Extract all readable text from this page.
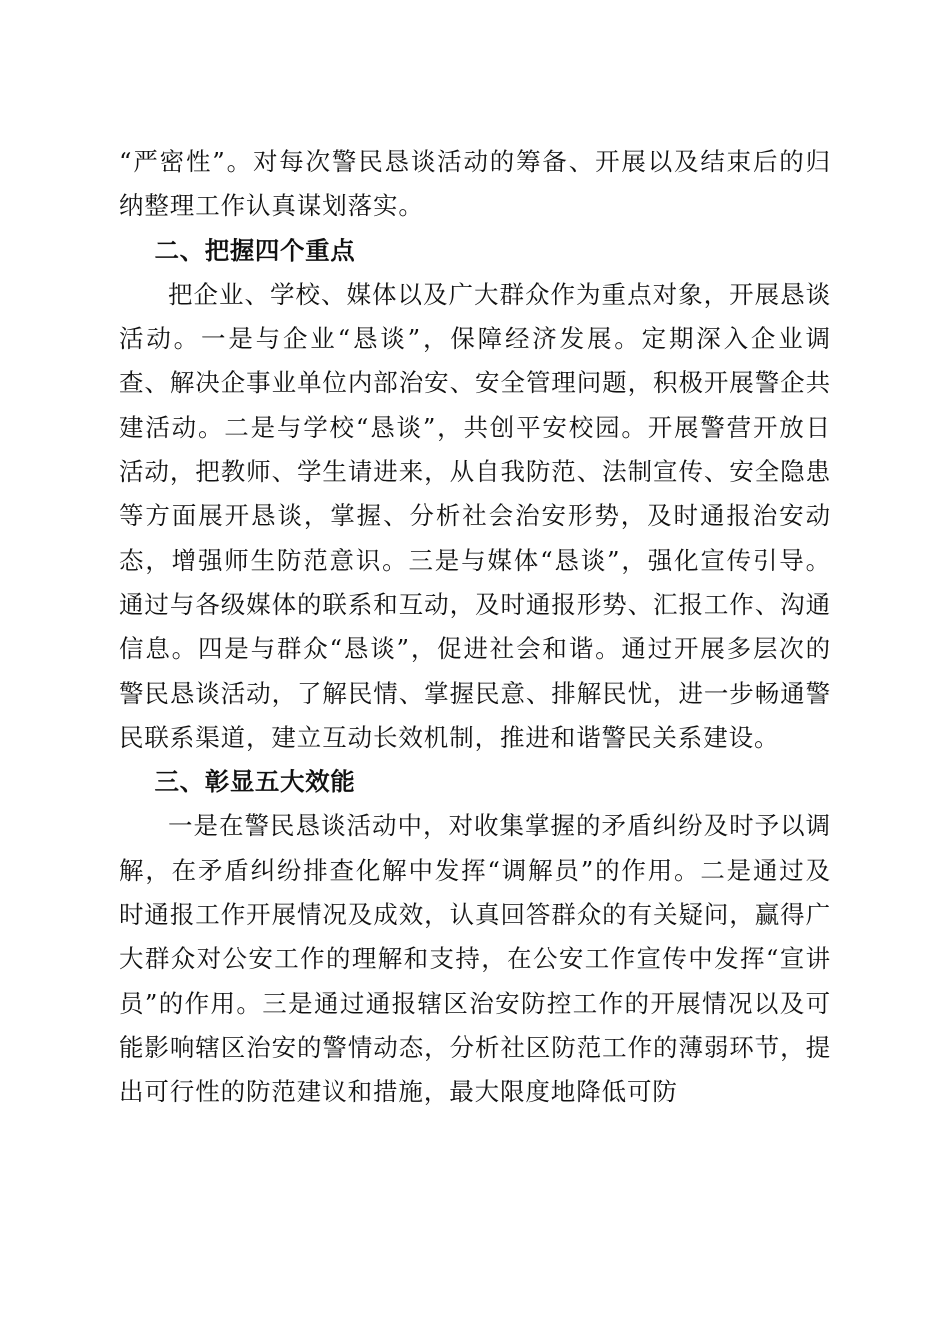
“严密性”。对每次警民恳谈活动的筹备、开展以及结束后的归纳整理工作认真谋划落实。

二、把握四个重点

把企业、学校、媒体以及广大群众作为重点对象，开展恳谈活动。一是与企业“恳谈”，保障经济发展。定期深入企业调查、解决企事业单位内部治安、安全管理问题，积极开展警企共建活动。二是与学校“恳谈”，共创平安校园。开展警营开放日活动，把教师、学生请进来，从自我防范、法制宣传、安全隐患等方面展开恳谈，掌握、分析社会治安形势，及时通报治安动态，增强师生防范意识。三是与媒体“恳谈”，强化宣传引导。通过与各级媒体的联系和互动，及时通报形势、汇报工作、沟通信息。四是与群众“恳谈”，促进社会和谐。通过开展多层次的警民恳谈活动，了解民情、掌握民意、排解民忧，进一步畅通警民联系渠道，建立互动长效机制，推进和谐警民关系建设。

三、彰显五大效能

一是在警民恳谈活动中，对收集掌握的矛盾纠纷及时予以调解，在矛盾纠纷排查化解中发挥“调解员”的作用。二是通过及时通报工作开展情况及成效，认真回答群众的有关疑问，赢得广大群众对公安工作的理解和支持，在公安工作宣传中发挥“宣讲员”的作用。三是通过通报辖区治安防控工作的开展情况以及可能影响辖区治安的警情动态，分析社区防范工作的薄弱环节，提出可行性的防范建议和措施，最大限度地降低可防
